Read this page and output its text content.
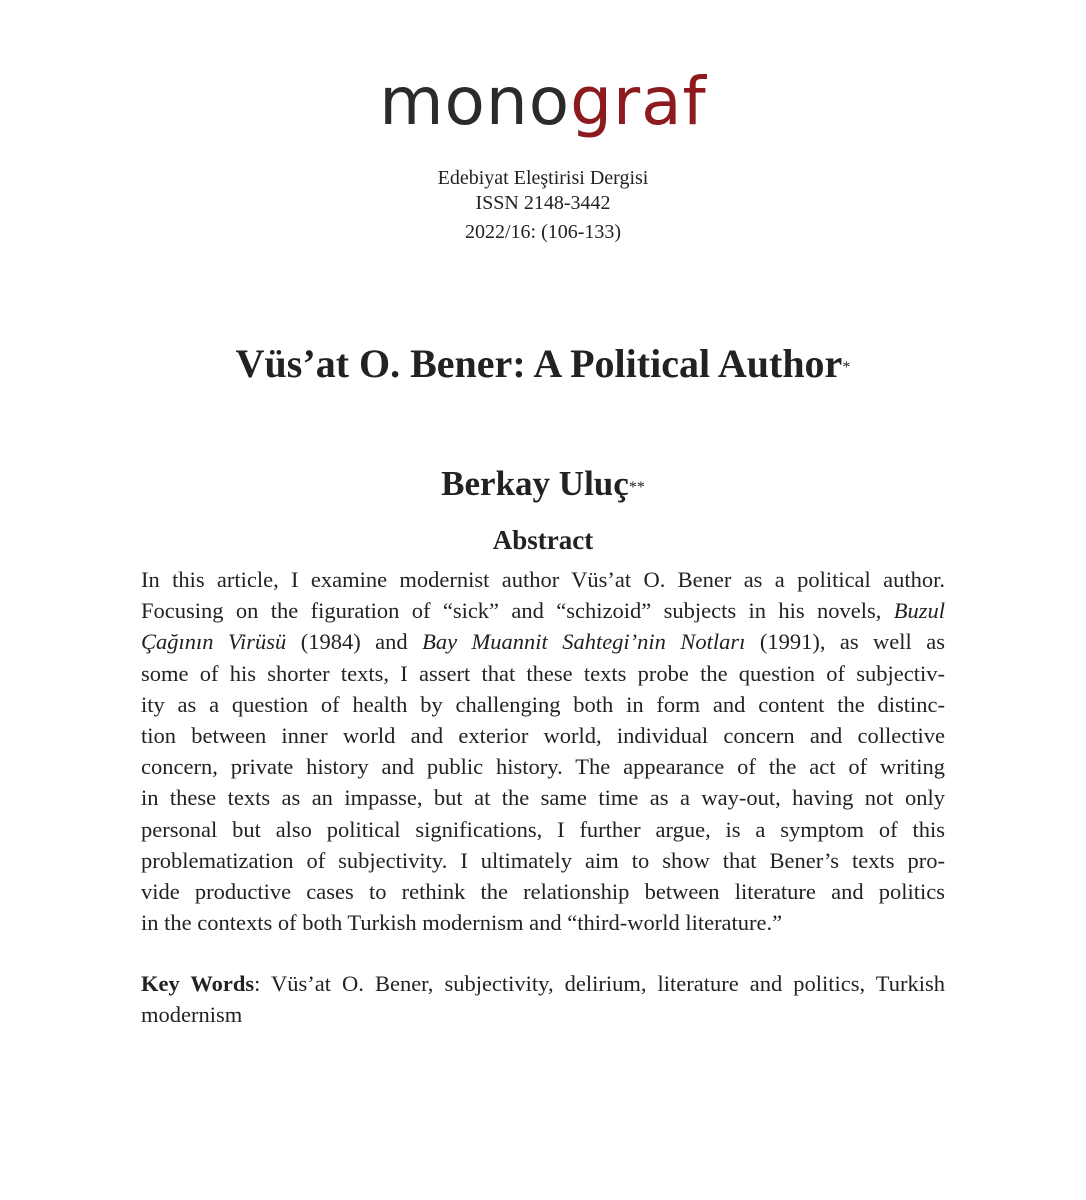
monograf
Edebiyat Eleştirisi Dergisi
ISSN 2148-3442

2022/16: (106-133)
Vüs’at O. Bener: A Political Author*
Berkay Uluç**
Abstract
In this article, I examine modernist author Vüs’at O. Bener as a political author.
Focusing on the figuration of “sick” and “schizoid” subjects in his novels, Buzul
Çağının Virüsü (1984) and Bay Muannit Sahtegi’nin Notları (1991), as well as
some of his shorter texts, I assert that these texts probe the question of subjectiv-
ity as a question of health by challenging both in form and content the distinc-
tion between inner world and exterior world, individual concern and collective
concern, private history and public history. The appearance of the act of writing
in these texts as an impasse, but at the same time as a way-out, having not only
personal but also political significations, I further argue, is a symptom of this
problematization of subjectivity. I ultimately aim to show that Bener’s texts pro-
vide productive cases to rethink the relationship between literature and politics
in the contexts of both Turkish modernism and “third-world literature.”
Key Words: Vüs’at O. Bener, subjectivity, delirium, literature and politics, Turkish
modernism
